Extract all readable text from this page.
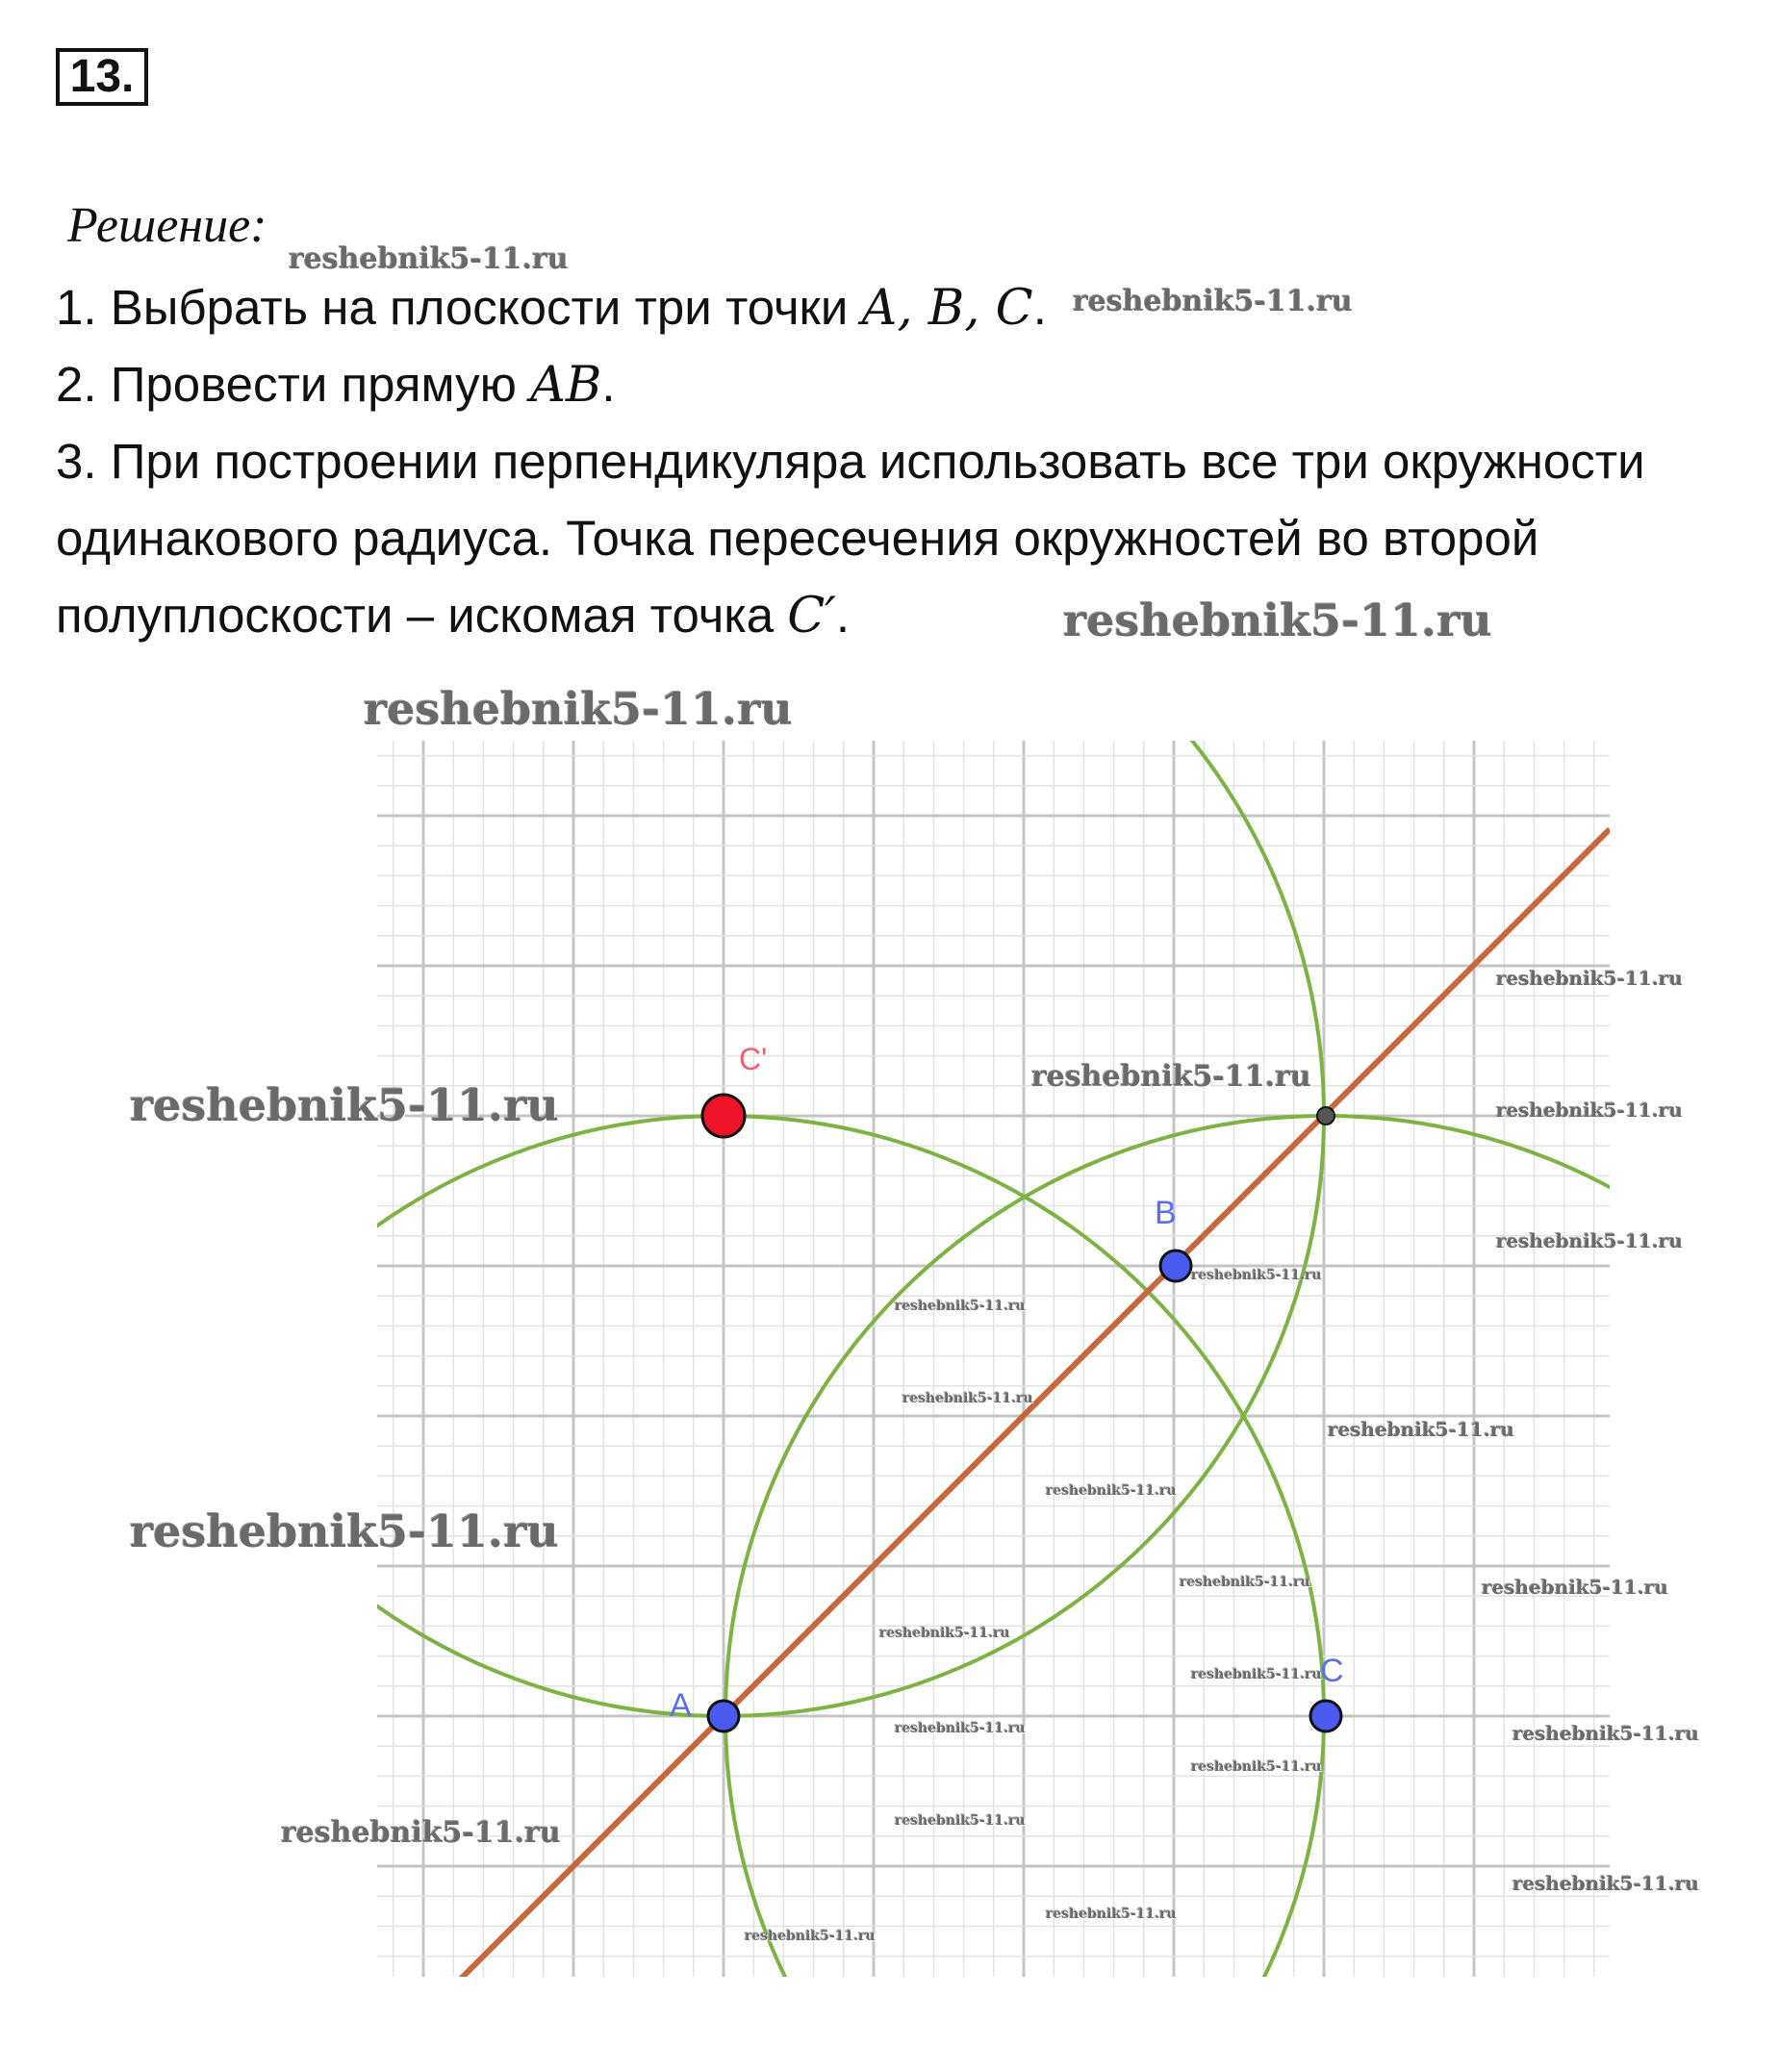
13.
Решение:
1. Выбрать на плоскости три точки A, B, C.
2. Провести прямую AB.
3. При построении перпендикуляра использовать все три окружности
одинакового радиуса. Точка пересечения окружностей во второй
полуплоскости – искомая точка C′.
C'
B
A
C
reshebnik5-11.ru
reshebnik5-11.ru
reshebnik5-11.ru
reshebnik5-11.ru
reshebnik5-11.ru
reshebnik5-11.ru
reshebnik5-11.ru
reshebnik5-11.ru
reshebnik5-11.ru
reshebnik5-11.ru
reshebnik5-11.ru
reshebnik5-11.ru
reshebnik5-11.ru
reshebnik5-11.ru
reshebnik5-11.ru
reshebnik5-11.ru
reshebnik5-11.ru
reshebnik5-11.ru
reshebnik5-11.ru
reshebnik5-11.ru
reshebnik5-11.ru
reshebnik5-11.ru
reshebnik5-11.ru
reshebnik5-11.ru
reshebnik5-11.ru
reshebnik5-11.ru
reshebnik5-11.ru
